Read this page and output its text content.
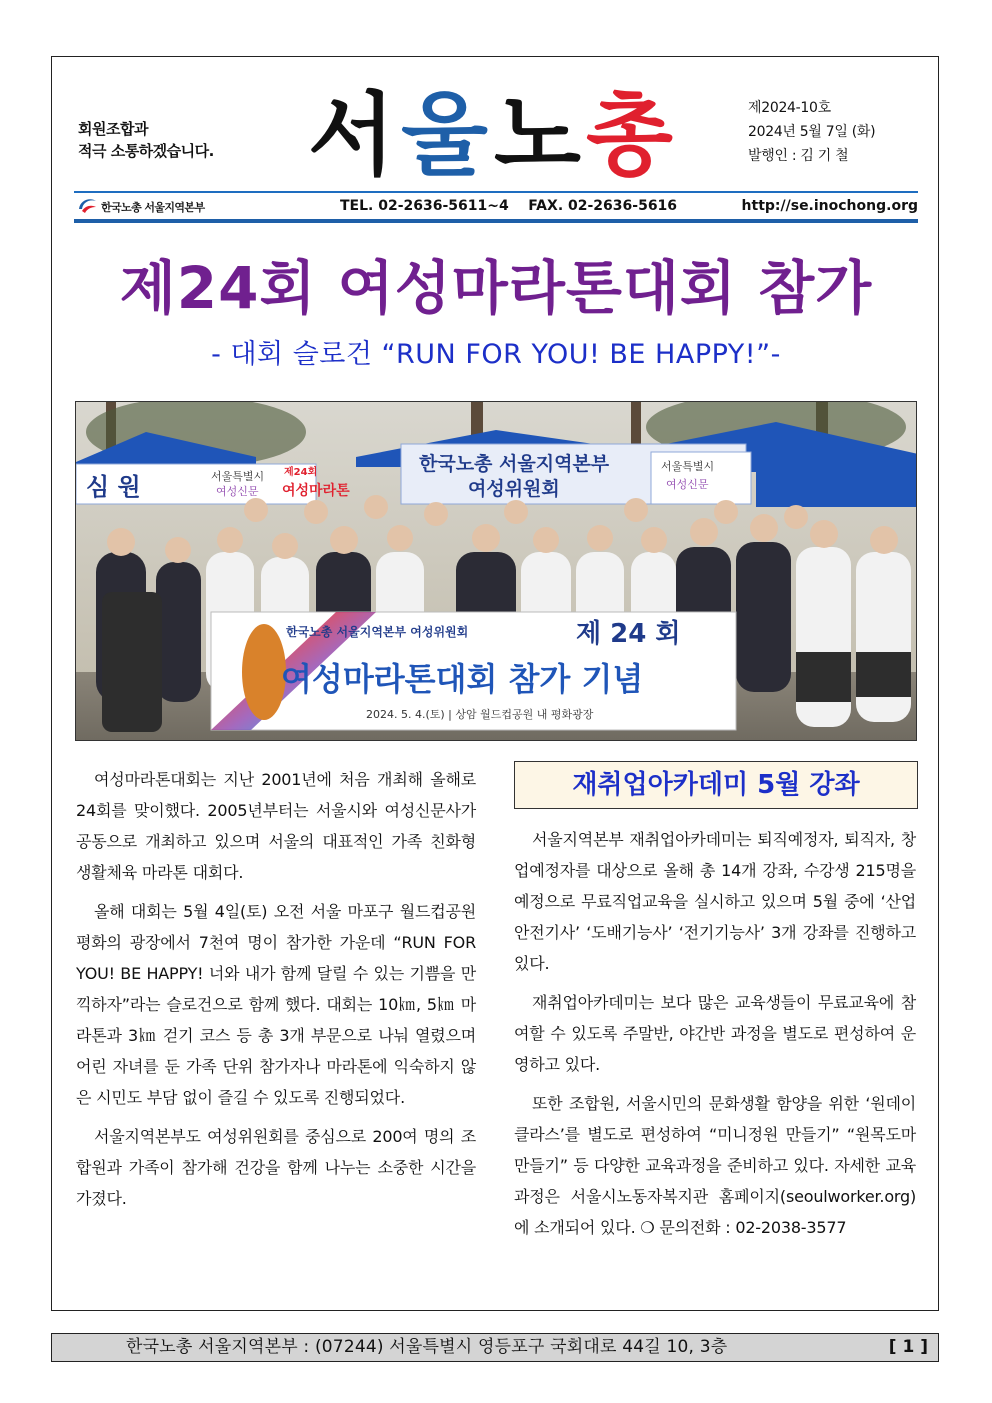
회원조합과
적극 소통하겠습니다. 서 울 노 총	제2024-10호
2024년 5월 7일 (화)
발행인 : 김 기 철
한국노총 서울지역본부	TEL. 02-2636-5611~4    FAX. 02-2636-5616	http://se.inochong.org
제24회 여성마라톤대회 참가
- 대회 슬로건 “RUN FOR YOU! BE HAPPY!”-
심 원	서울특별시
여성신문
제24회
여성마라톤
한국노총 서울지역본부
여성위원회
서울특별시
여성신문
한국노총 서울지역본부 여성위원회	제 24 회
여성마라톤대회 참가 기념
2024. 5. 4.(토) | 상암 월드컵공원 내 평화광장

여성마라톤대회는 지난 2001년에 처음 개최해 올해로 24회를 맞이했다. 2005년부터는 서울시와 여성신문사가 공동으로 개최하고 있으며 서울의 대표적인 가족 친화형 생활체육 마라톤 대회다.

올해 대회는 5월 4일(토) 오전 서울 마포구 월드컵공원 평화의 광장에서 7천여 명이 참가한 가운데 “RUN FOR YOU! BE HAPPY! 너와 내가 함께 달릴 수 있는 기쁨을 만끽하자”라는 슬로건으로 함께 했다. 대회는 10㎞, 5㎞ 마라톤과 3㎞ 걷기 코스 등 총 3개 부문으로 나눠 열렸으며 어린 자녀를 둔 가족 단위 참가자나 마라톤에 익숙하지 않은 시민도 부담 없이 즐길 수 있도록 진행되었다.

서울지역본부도 여성위원회를 중심으로 200여 명의 조합원과 가족이 참가해 건강을 함께 나누는 소중한 시간을 가졌다.

재취업아카데미 5월 강좌

서울지역본부 재취업아카데미는 퇴직예정자, 퇴직자, 창업예정자를 대상으로 올해 총 14개 강좌, 수강생 215명을 예정으로 무료직업교육을 실시하고 있으며 5월 중에 ‘산업안전기사’ ‘도배기능사’ ‘전기기능사’ 3개 강좌를 진행하고 있다.

재취업아카데미는 보다 많은 교육생들이 무료교육에 참여할 수 있도록 주말반, 야간반 과정을 별도로 편성하여 운영하고 있다.

또한 조합원, 서울시민의 문화생활 함양을 위한 ‘원데이 클라스’를 별도로 편성하여 “미니정원 만들기” “원목도마 만들기” 등 다양한 교육과정을 준비하고 있다. 자세한 교육과정은 서울시노동자복지관 홈페이지(seoulworker.org)에 소개되어 있다. ❍ 문의전화 : 02-2038-3577

한국노총 서울지역본부 : (07244) 서울특별시 영등포구 국회대로 44길 10, 3층	[ 1 ]
